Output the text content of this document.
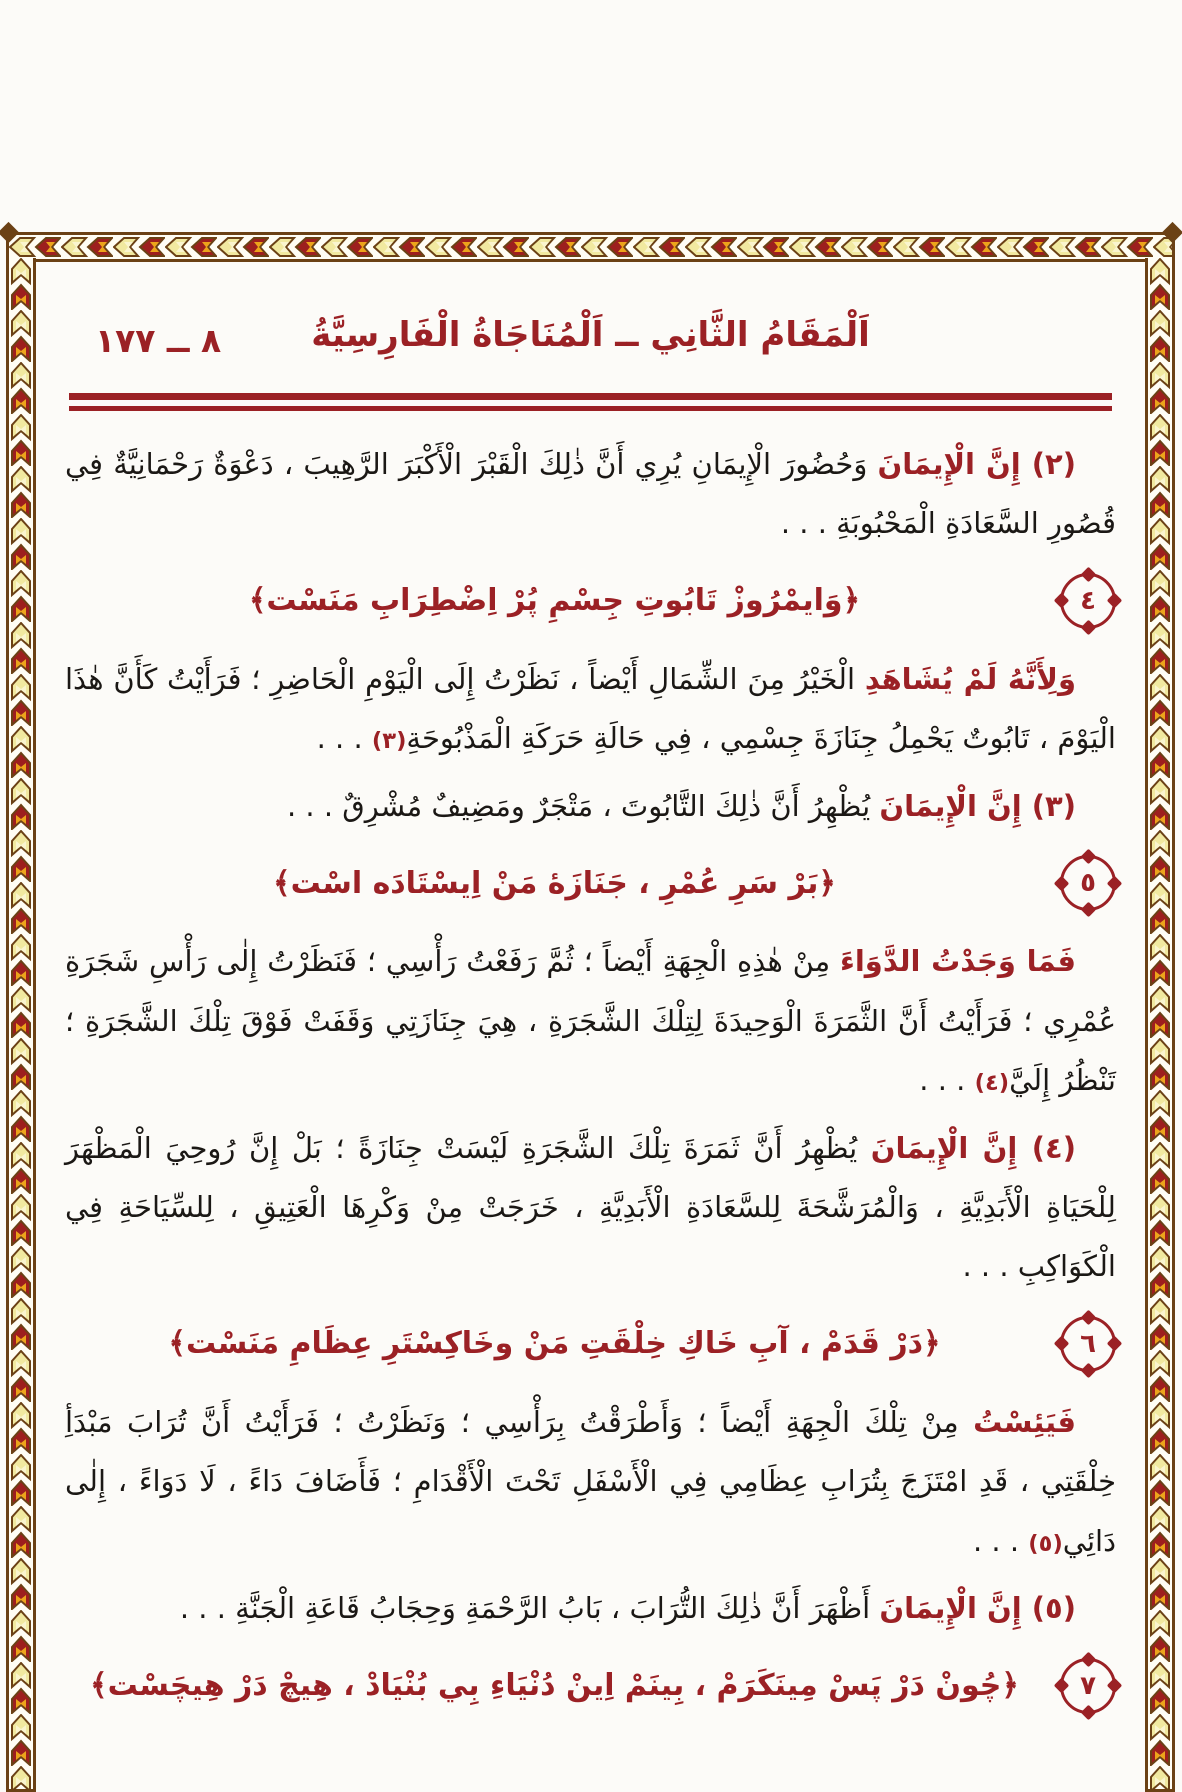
٨ ــ ١٧٧	اَلْمَقَامُ الثَّانِي ــ اَلْمُنَاجَاةُ الْفَارِسِيَّةُ

(٢) إِنَّ الْإِيمَانَ وَحُضُورَ الْإِيمَانِ يُرِي أَنَّ ذٰلِكَ الْقَبْرَ الْأَكْبَرَ الرَّهِيبَ ، دَعْوَةٌ رَحْمَانِيَّةٌ فِي قُصُورِ السَّعَادَةِ الْمَحْبُوبَةِ . . .

٤
﴿وَايمْرُوزْ تَابُوتِ جِسْمِ پُرْ اِضْطِرَابِ مَنَسْت﴾

وَلِأَنَّهُ لَمْ يُشَاهَدِ الْخَيْرُ مِنَ الشِّمَالِ أَيْضاً ، نَظَرْتُ إِلَى الْيَوْمِ الْحَاضِرِ ؛ فَرَأَيْتُ كَأَنَّ هٰذَا الْيَوْمَ ، تَابُوتٌ يَحْمِلُ جِنَازَةَ جِسْمِي ، فِي حَالَةِ حَرَكَةِ الْمَذْبُوحَةِ(٣) . . .

(٣) إِنَّ الْإِيمَانَ يُظْهِرُ أَنَّ ذٰلِكَ التَّابُوتَ ، مَتْجَرٌ ومَضِيفٌ مُشْرِقٌ . . .

٥
﴿بَرْ سَرِ عُمْرِ ، جَنَازَهٔ مَنْ اِيسْتَادَه اسْت﴾

فَمَا وَجَدْتُ الدَّوَاءَ مِنْ هٰذِهِ الْجِهَةِ أَيْضاً ؛ ثُمَّ رَفَعْتُ رَأْسِي ؛ فَنَظَرْتُ إِلٰى رَأْسِ شَجَرَةِ عُمْرِي ؛ فَرَأَيْتُ أَنَّ الثَّمَرَةَ الْوَحِيدَةَ لِتِلْكَ الشَّجَرَةِ ، هِيَ جِنَازَتِي وَقَفَتْ فَوْقَ تِلْكَ الشَّجَرَةِ ؛ تَنْظُرُ إِلَيَّ(٤) . . .

(٤) إِنَّ الْإِيمَانَ يُظْهِرُ أَنَّ ثَمَرَةَ تِلْكَ الشَّجَرَةِ لَيْسَتْ جِنَازَةً ؛ بَلْ إِنَّ رُوحِيَ الْمَظْهَرَ لِلْحَيَاةِ الْأَبَدِيَّةِ ، وَالْمُرَشَّحَةَ لِلسَّعَادَةِ الْأَبَدِيَّةِ ، خَرَجَتْ مِنْ وَكْرِهَا الْعَتِيقِ ، لِلسِّيَاحَةِ فِي الْكَوَاكِبِ . . .

٦
﴿دَرْ قَدَمْ ، آبِ خَاكِ خِلْقَتِ مَنْ وخَاكِسْتَرِ عِظَامِ مَنَسْت﴾

فَيَئِسْتُ مِنْ تِلْكَ الْجِهَةِ أَيْضاً ؛ وَأَطْرَقْتُ بِرَأْسِي ؛ وَنَظَرْتُ ؛ فَرَأَيْتُ أَنَّ تُرَابَ مَبْدَأِ خِلْقَتِي ، قَدِ امْتَزَجَ بِتُرَابِ عِظَامِي فِي الْأَسْفَلِ تَحْتَ الْأَقْدَامِ ؛ فَأَضَافَ دَاءً ، لَا دَوَاءً ، إِلٰى دَائِي(٥) . . .

(٥) إِنَّ الْإِيمَانَ أَظْهَرَ أَنَّ ذٰلِكَ التُّرَابَ ، بَابُ الرَّحْمَةِ وَحِجَابُ قَاعَةِ الْجَنَّةِ . . .

٧
﴿چُونْ دَرْ پَسْ مِينَكَرَمْ ، بِينَمْ اِينْ دُنْيَاءِ بِي بُنْيَادْ ، هِيچْ دَرْ هِيچَسْت﴾
